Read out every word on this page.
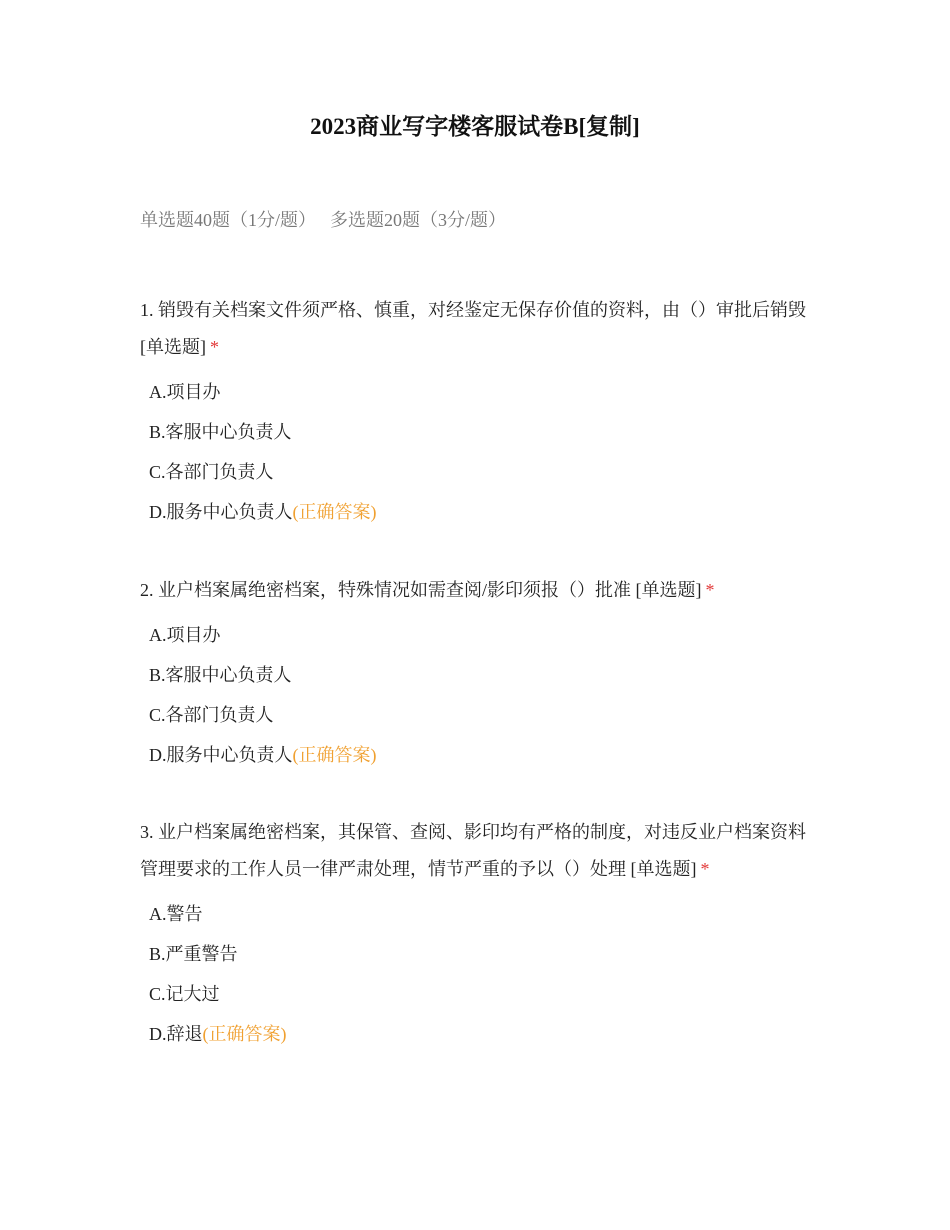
2023商业写字楼客服试卷B[复制]
单选题40题（1分/题） 多选题20题（3分/题）
1. 销毁有关档案文件须严格、慎重，对经鉴定无保存价值的资料，由（）审批后销毁 [单选题] *
A.项目办
B.客服中心负责人
C.各部门负责人
D.服务中心负责人(正确答案)
2. 业户档案属绝密档案，特殊情况如需查阅/影印须报（）批准 [单选题] *
A.项目办
B.客服中心负责人
C.各部门负责人
D.服务中心负责人(正确答案)
3. 业户档案属绝密档案，其保管、查阅、影印均有严格的制度，对违反业户档案资料管理要求的工作人员一律严肃处理，情节严重的予以（）处理 [单选题] *
A.警告
B.严重警告
C.记大过
D.辞退(正确答案)
